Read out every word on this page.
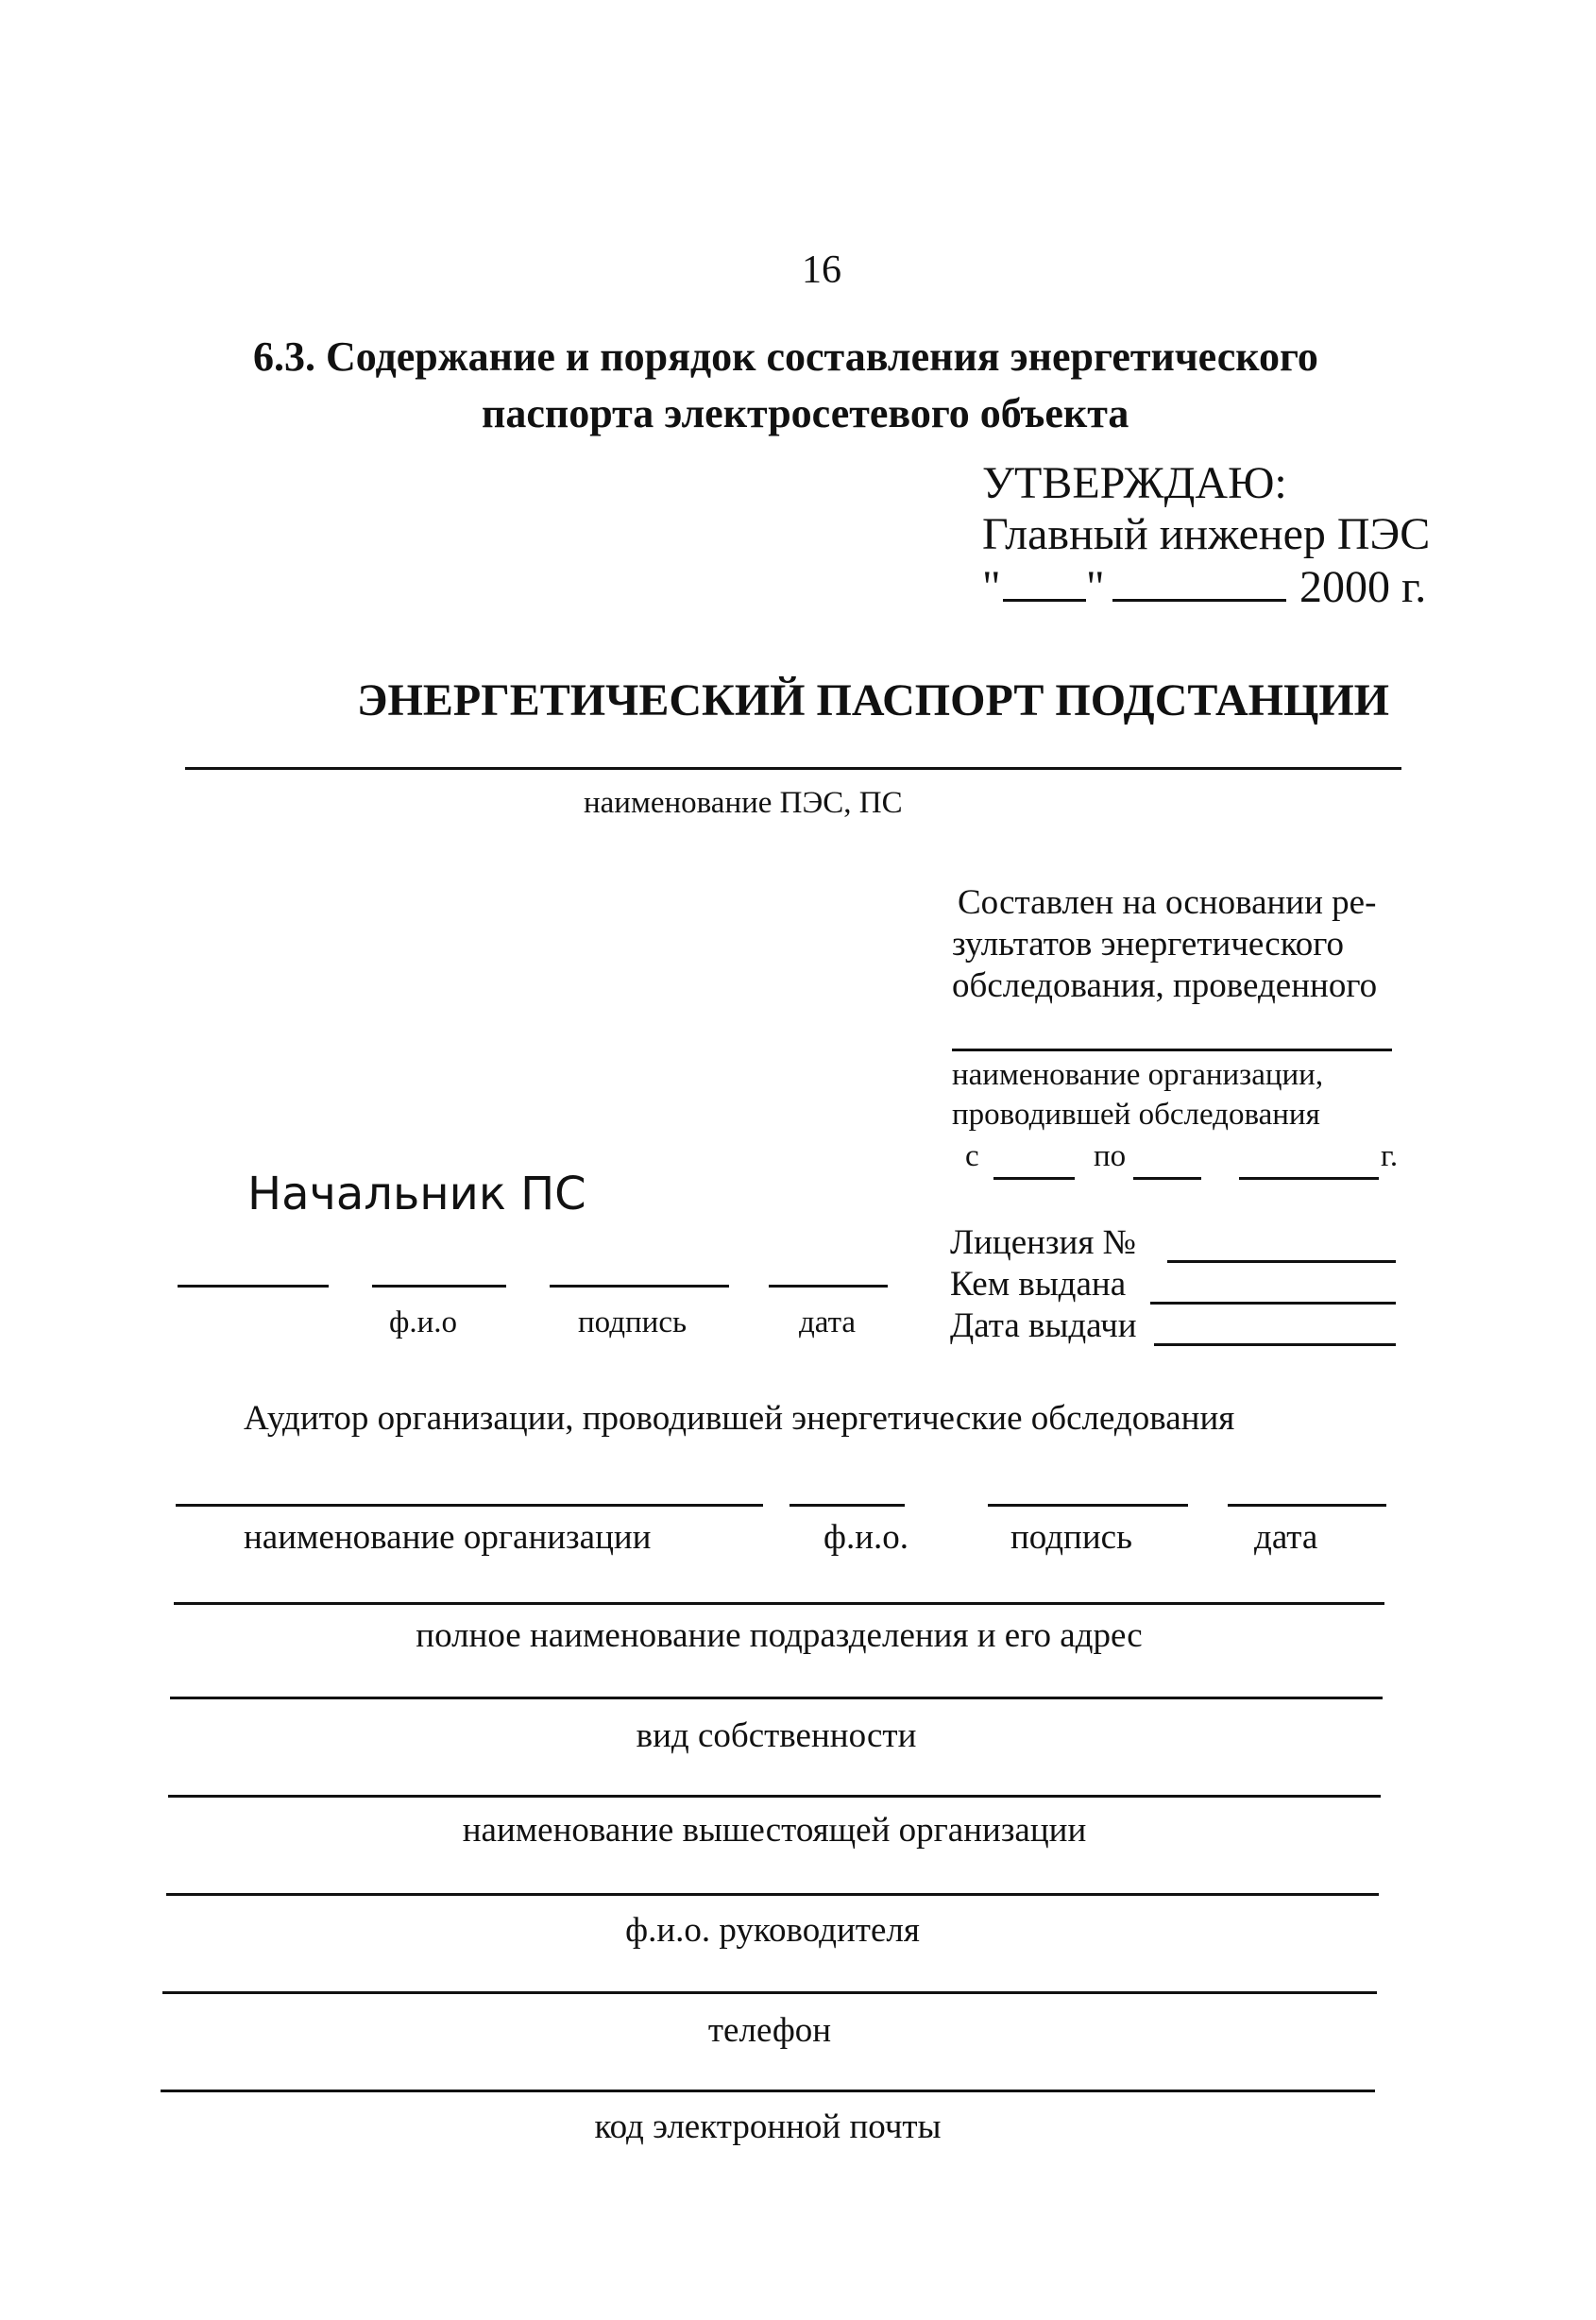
16
6.3. Содержание и порядок составления энергетического
паспорта электросетевого объекта
УТВЕРЖДАЮ:
Главный инженер ПЭС
" "	2000 г.
ЭНЕРГЕТИЧЕСКИЙ ПАСПОРТ ПОДСТАНЦИИ
наименование ПЭС, ПС
Составлен на основании ре-
зультатов энергетического
обследования, проведенного
наименование организации,
проводившей обследования
с	по	г.
Начальник ПС
Лицензия №
Кем выдана
Дата выдачи
ф.и.о	подпись	дата
Аудитор организации, проводившей энергетические обследования
наименование организации	ф.и.о.	подпись	дата
полное наименование подразделения и его адрес
вид собственности
наименование вышестоящей организации
ф.и.о. руководителя
телефон
код электронной почты
